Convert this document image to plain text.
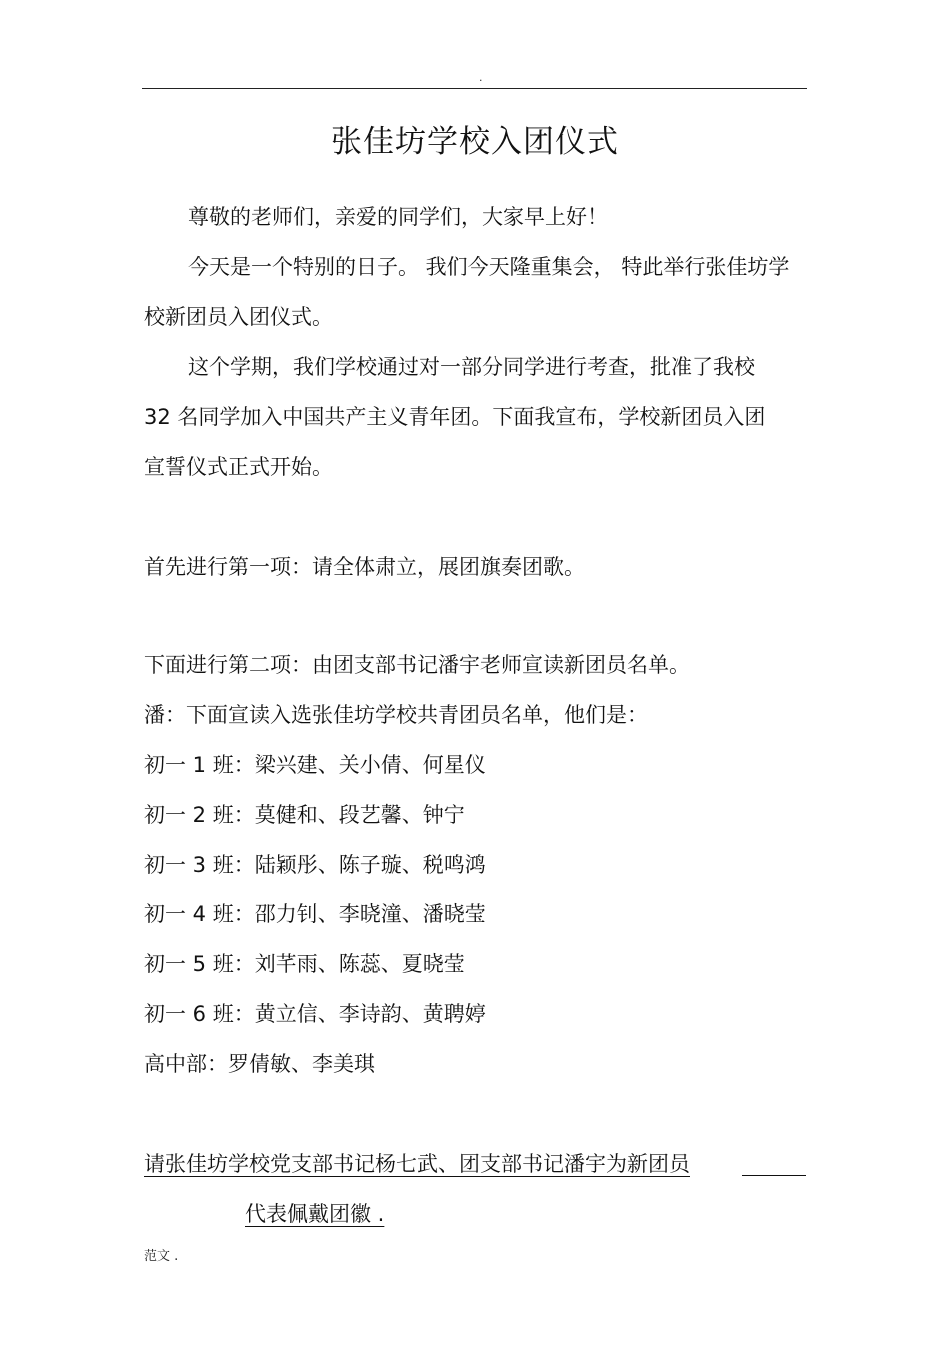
.
张佳坊学校入团仪式
尊敬的老师们，亲爱的同学们，大家早上好！
今天是一个特别的日子。 我们今天隆重集会， 特此举行张佳坊学
校新团员入团仪式。
这个学期，我们学校通过对一部分同学进行考查，批准了我校
32 名同学加入中国共产主义青年团。下面我宣布，学校新团员入团
宣誓仪式正式开始。
首先进行第一项：请全体肃立，展团旗奏团歌。
下面进行第二项：由团支部书记潘宇老师宣读新团员名单。
潘：下面宣读入选张佳坊学校共青团员名单，他们是：
初一 1 班：梁兴建、关小倩、何星仪
初一 2 班：莫健和、段艺馨、钟宁
初一 3 班：陆颖彤、陈子璇、税鸣鸿
初一 4 班：邵力钊、李晓潼、潘晓莹
初一 5 班：刘芊雨、陈蕊、夏晓莹
初一 6 班：黄立信、李诗韵、黄聘婷
高中部：罗倩敏、李美琪
请张佳坊学校党支部书记杨七武、团支部书记潘宇为新团员
代表佩戴团徽 .
范文 .
